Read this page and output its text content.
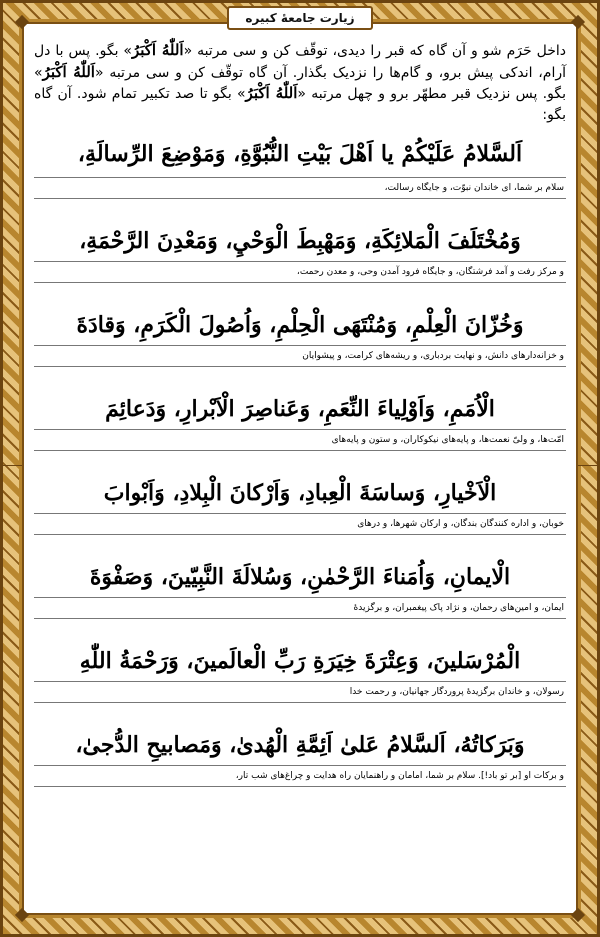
زیارت جامعهٔ کبیره

داخل حَرَم شو و آن گاه که قبر را دیدی، توقّف کن و سی مرتبه «اَللّٰهُ اَکْبَرُ» بگو. پس با دل آرام، اندکی پیش برو، و گام‌ها را نزدیک بگذار. آن گاه توقّف کن و سی مرتبه «اَللّٰهُ اَکْبَرُ» بگو. پس نزدیک قبر مطهّر برو و چهل مرتبه «اَللّٰهُ اَکْبَرُ» بگو تا صد تکبیر تمام شود. آن گاه بگو:

اَلسَّلامُ عَلَيْكُمْ يا اَهْلَ بَيْتِ النُّبُوَّةِ، وَمَوْضِعَ الرِّسالَةِ،
سلام بر شما، ای خاندان نبوّت، و جایگاه رسالت،
وَمُخْتَلَفَ الْمَلائِكَةِ، وَمَهْبِطَ الْوَحْيِ، وَمَعْدِنَ الرَّحْمَةِ،
و مرکز رفت و آمد فرشتگان، و جایگاه فرود آمدن وحی، و معدن رحمت،
وَخُزّانَ الْعِلْمِ، وَمُنْتَهَى الْحِلْمِ، وَاُصُولَ الْكَرَمِ، وَقادَةَ
و خزانه‌دارهای دانش، و نهایت بردباری، و ریشه‌های کرامت، و پیشوایان
الْاُمَمِ، وَاَوْلِياءَ النِّعَمِ، وَعَناصِرَ الْاَبْرارِ، وَدَعائِمَ
امّت‌ها، و ولیّ نعمت‌ها، و پایه‌های نیکوکاران، و ستون و پایه‌های
الْاَخْيارِ، وَساسَةَ الْعِبادِ، وَاَرْكانَ الْبِلادِ، وَاَبْوابَ
خوبان، و اداره کنندگان بندگان، و ارکان شهرها، و درهای
الْايمانِ، وَاُمَناءَ الرَّحْمٰنِ، وَسُلالَةَ النَّبِيّينَ، وَصَفْوَةَ
ایمان، و امین‌های رحمان، و نژاد پاک پیغمبران، و برگزیدهٔ
الْمُرْسَلينَ، وَعِتْرَةَ خِيَرَةِ رَبِّ الْعالَمينَ، وَرَحْمَةُ اللّٰهِ
رسولان، و خاندان برگزیدهٔ پروردگار جهانیان، و رحمت خدا
وَبَرَكاتُهُ، اَلسَّلامُ عَلىٰ اَئِمَّةِ الْهُدىٰ، وَمَصابيحِ الدُّجىٰ،
و برکات او [بر تو باد!]. سلام بر شما، امامان و راهنمایان راه هدایت و چراغ‌های شب تار،
